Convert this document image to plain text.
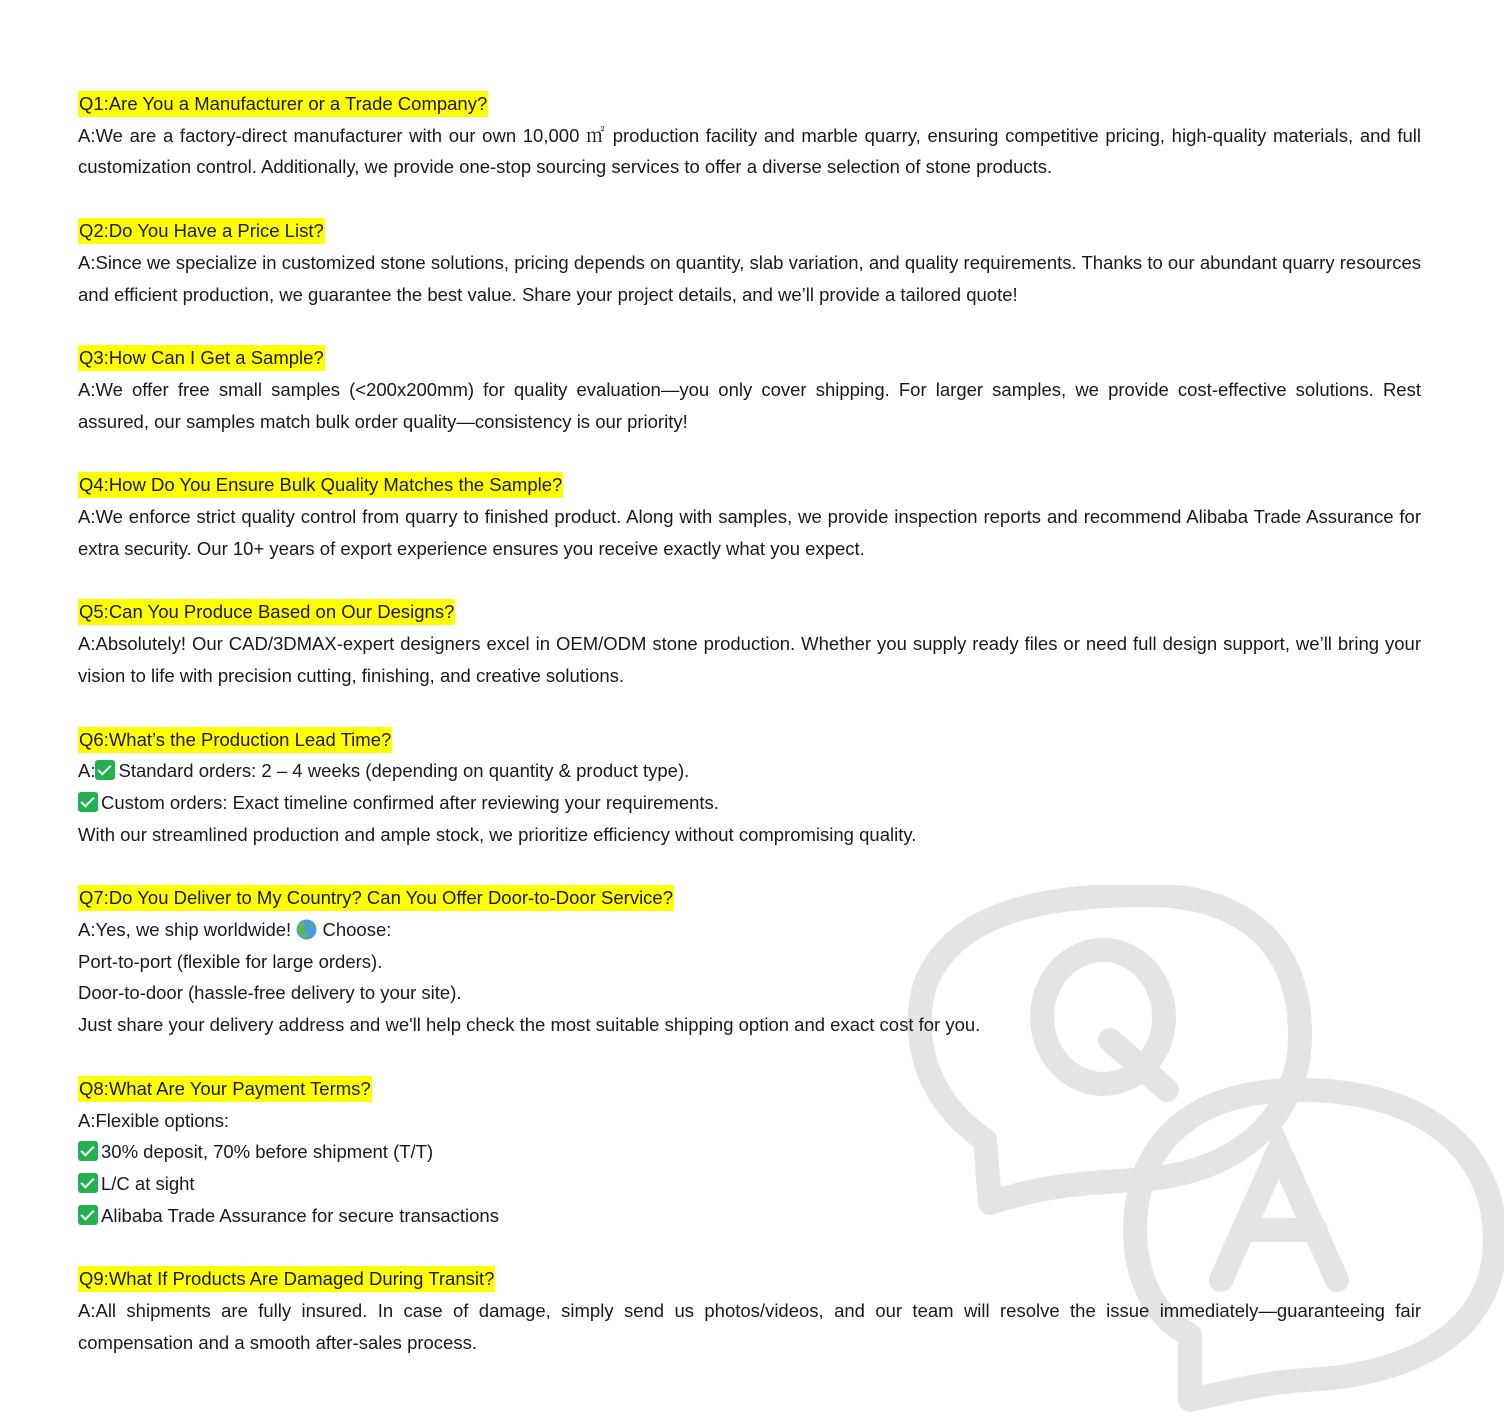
Q1:Are You a Manufacturer or a Trade Company?

A:We are a factory-direct manufacturer with our own 10,000 ㎡ production facility and marble quarry, ensuring competitive pricing, high-quality materials, and full customization control. Additionally, we provide one-stop sourcing services to offer a diverse selection of stone products.

Q2:Do You Have a Price List?

A:Since we specialize in customized stone solutions, pricing depends on quantity, slab variation, and quality requirements. Thanks to our abundant quarry resources and efficient production, we guarantee the best value. Share your project details, and we’ll provide a tailored quote!

Q3:How Can I Get a Sample?

A:We offer free small samples (<200x200mm) for quality evaluation—you only cover shipping. For larger samples, we provide cost-effective solutions. Rest assured, our samples match bulk order quality—consistency is our priority!

Q4:How Do You Ensure Bulk Quality Matches the Sample?

A:We enforce strict quality control from quarry to finished product. Along with samples, we provide inspection reports and recommend Alibaba Trade Assurance for extra security. Our 10+ years of export experience ensures you receive exactly what you expect.

Q5:Can You Produce Based on Our Designs?

A:Absolutely! Our CAD/3DMAX-expert designers excel in OEM/ODM stone production. Whether you supply ready files or need full design support, we’ll bring your vision to life with precision cutting, finishing, and creative solutions.

Q6:What’s the Production Lead Time?

A: Standard orders: 2 – 4 weeks (depending on quantity & product type).

Custom orders: Exact timeline confirmed after reviewing your requirements.

With our streamlined production and ample stock, we prioritize efficiency without compromising quality.

Q7:Do You Deliver to My Country? Can You Offer Door-to-Door Service?

A:Yes, we ship worldwide! Choose:

Port-to-port (flexible for large orders).

Door-to-door (hassle-free delivery to your site).

Just share your delivery address and we'll help check the most suitable shipping option and exact cost for you.

Q8:What Are Your Payment Terms?

A:Flexible options:

30% deposit, 70% before shipment (T/T)

L/C at sight

Alibaba Trade Assurance for secure transactions

Q9:What If Products Are Damaged During Transit?

A:All shipments are fully insured. In case of damage, simply send us photos/videos, and our team will resolve the issue immediately—guaranteeing fair compensation and a smooth after-sales process.
